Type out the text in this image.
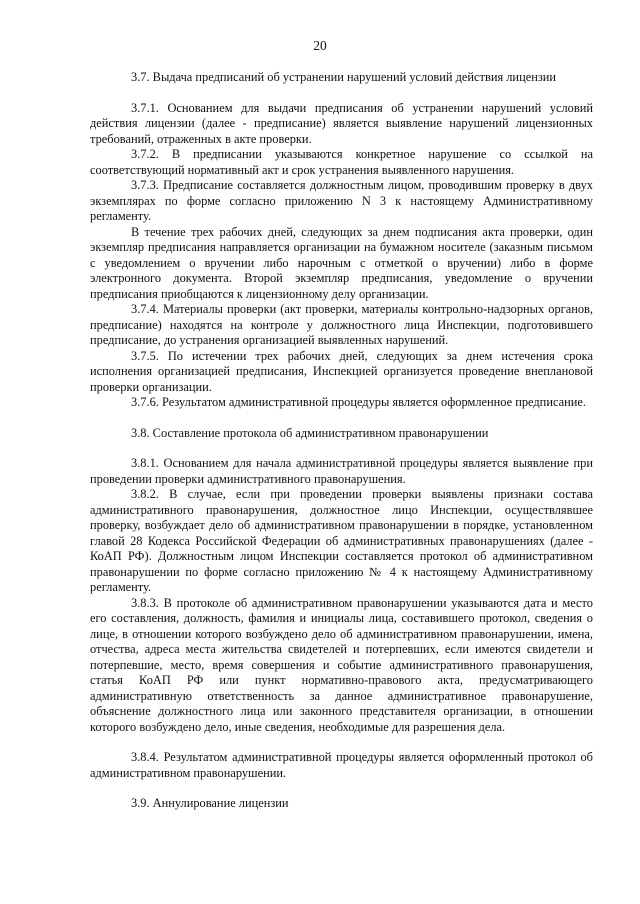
20

3.7. Выдача предписаний об устранении нарушений условий действия лицензии

3.7.1. Основанием для выдачи предписания об устранении нарушений условий действия лицензии (далее - предписание) является выявление нарушений лицензионных требований, отраженных в акте проверки.

3.7.2. В предписании указываются конкретное нарушение со ссылкой на соответствующий нормативный акт и срок устранения выявленного нарушения.

3.7.3. Предписание составляется должностным лицом, проводившим проверку в двух экземплярах по форме согласно приложению N 3 к настоящему Административному регламенту.

В течение трех рабочих дней, следующих за днем подписания акта проверки, один экземпляр предписания направляется организации на бумажном носителе (заказным письмом с уведомлением о вручении либо нарочным с отметкой о вручении) либо в форме электронного документа. Второй экземпляр предписания, уведомление о вручении предписания приобщаются к лицензионному делу организации.

3.7.4. Материалы проверки (акт проверки, материалы контрольно-надзорных органов, предписание) находятся на контроле у должностного лица Инспекции, подготовившего предписание, до устранения организацией выявленных нарушений.

3.7.5. По истечении трех рабочих дней, следующих за днем истечения срока исполнения организацией предписания, Инспекцией организуется проведение внеплановой проверки организации.

3.7.6. Результатом административной процедуры является оформленное предписание.

3.8. Составление протокола об административном правонарушении

3.8.1. Основанием для начала административной процедуры является выявление при проведении проверки административного правонарушения.

3.8.2. В случае, если при проведении проверки выявлены признаки состава административного правонарушения, должностное лицо Инспекции, осуществлявшее проверку, возбуждает дело об административном правонарушении в порядке, установленном главой 28 Кодекса Российской Федерации об административных правонарушениях (далее - КоАП РФ). Должностным лицом Инспекции составляется протокол об административном правонарушении по форме согласно приложению № 4 к настоящему Административному регламенту.

3.8.3. В протоколе об административном правонарушении указываются дата и место его составления, должность, фамилия и инициалы лица, составившего протокол, сведения о лице, в отношении которого возбуждено дело об административном правонарушении, имена, отчества, адреса места жительства свидетелей и потерпевших, если имеются свидетели и потерпевшие, место, время совершения и событие административного правонарушения, статья КоАП РФ или пункт нормативно-правового акта, предусматривающего административную ответственность за данное административное правонарушение, объяснение должностного лица или законного представителя организации, в отношении которого возбуждено дело, иные сведения, необходимые для разрешения дела.

3.8.4. Результатом административной процедуры является оформленный протокол об административном правонарушении.

3.9. Аннулирование лицензии
